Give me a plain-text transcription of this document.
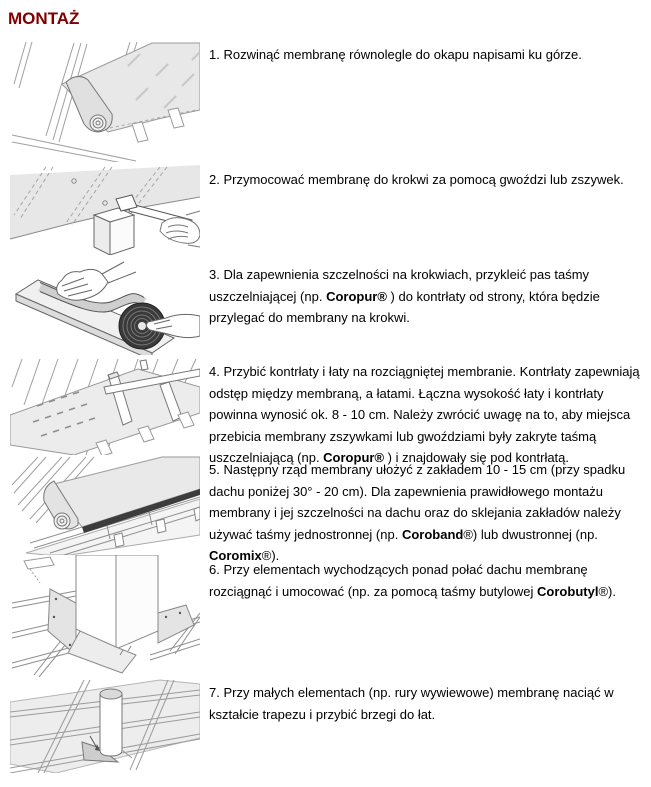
MONTAŻ

1. Rozwinąć membranę równolegle do okapu napisami ku górze.

2. Przymocować membranę do krokwi za pomocą gwoździ lub zszywek.

3. Dla zapewnienia szczelności na krokwiach, przykleić pas taśmy uszczelniającej (np. Coropur® ) do kontrłaty od strony, która będzie przylegać do membrany na krokwi.

4. Przybić kontrłaty i łaty na rozciągniętej membranie. Kontrłaty zapewniają odstęp między membraną, a łatami. Łączna wysokość łaty i kontrłaty powinna wynosić ok. 8 - 10 cm. Należy zwrócić uwagę na to, aby miejsca przebicia membrany zszywkami lub gwoździami były zakryte taśmą uszczelniającą (np. Coropur® ) i znajdowały się pod kontrłatą.

5. Następny rząd membrany ułożyć z zakładem 10 - 15 cm (przy spadku dachu poniżej 30° - 20 cm). Dla zapewnienia prawidłowego montażu membrany i jej szczelności na dachu oraz do sklejania zakładów należy używać taśmy jednostronnej (np. Coroband®) lub dwustronnej (np. Coromix®).

6. Przy elementach wychodzących ponad połać dachu membranę rozciągnąć i umocować (np. za pomocą taśmy butylowej Corobutyl®).

7. Przy małych elementach (np. rury wywiewowe) membranę naciąć w kształcie trapezu i przybić brzegi do łat.
